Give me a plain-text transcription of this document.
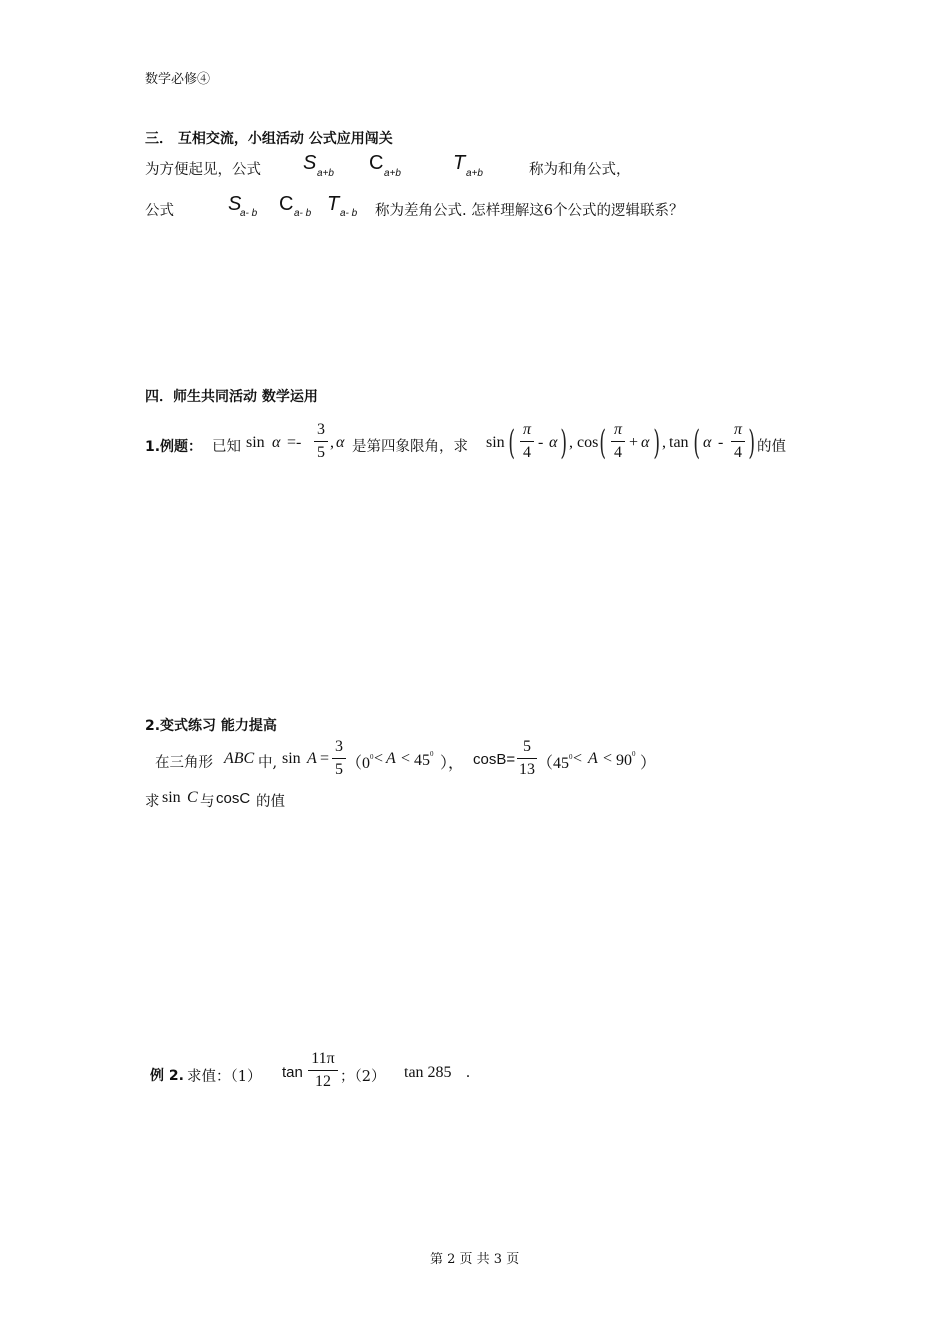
数学必修④
三． 互相交流，小组活动 公式应用闯关
为方便起见，公式 S a+b C a+b	T a+b	称为和角公式，
公式	S
a- b C a- b T a- b 称为差角公式. 怎样理解这6个公式的逻辑联系？
四．师生共同活动 数学运用
1.例题： 已知 sin α =-
3
5
, α 是第四象限角，求 sin ( π
4
- α ) , cos ( π
4
+ α ) , tan ( α -
π
4 ) 的值
2.变式练习 能力提高
在三角形 ABC 中, sin A =
3
5 （$0^0 < A < 45^0$
）， cosB=
5
13 （$45^0 < A < 90^0$
）
求 sin C 与 cosC 的值
例 2. 求值：（1） tan
11π
12 ；（2） tan 285 .
第 2 页 共 3 页
